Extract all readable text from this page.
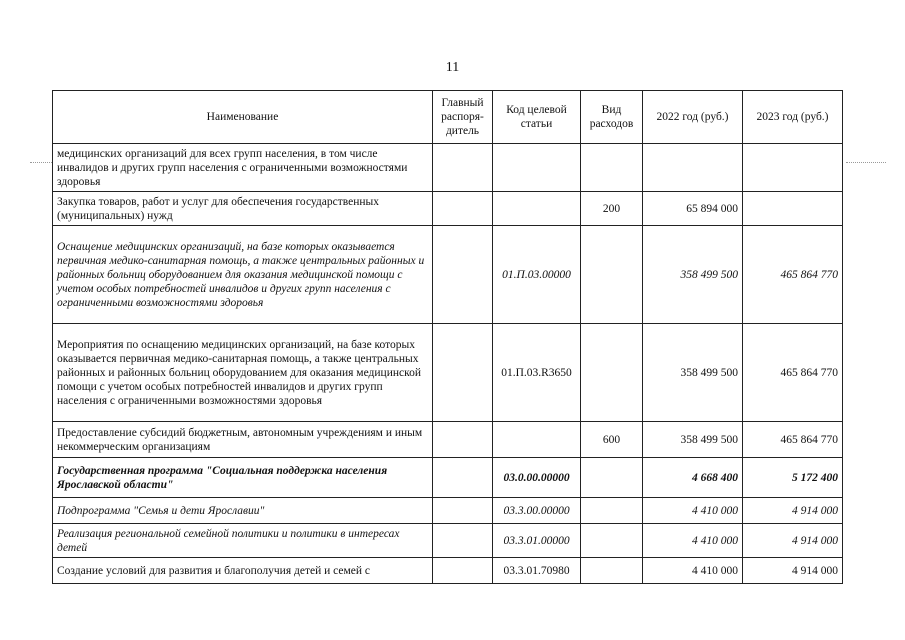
11
Наименование	Главный распоря-дитель	Код целевой статьи	Вид расходов	2022 год (руб.)	2023 год (руб.)
медицинских организаций для всех групп населения, в том числе инвалидов и других групп населения с ограниченными возможностями здоровья					
Закупка товаров, работ и услуг для обеспечения государственных (муниципальных) нужд			200	65 894 000	
Оснащение медицинских организаций, на базе которых оказывается первичная медико-санитарная помощь, а также центральных районных и районных больниц оборудованием для оказания медицинской помощи с учетом особых потребностей инвалидов и других групп населения с ограниченными возможностями здоровья		01.П.03.00000		358 499 500	465 864 770
Мероприятия по оснащению медицинских организаций, на базе которых оказывается первичная медико-санитарная помощь, а также центральных районных и районных больниц оборудованием для оказания медицинской помощи с учетом особых потребностей инвалидов и других групп населения с ограниченными возможностями здоровья		01.П.03.R3650		358 499 500	465 864 770
Предоставление субсидий бюджетным, автономным учреждениям и иным некоммерческим организациям			600	358 499 500	465 864 770
Государственная программа "Социальная поддержка населения Ярославской области"		03.0.00.00000		4 668 400	5 172 400
Подпрограмма "Семья и дети Ярославии"		03.3.00.00000		4 410 000	4 914 000
Реализация региональной семейной политики и политики в интересах детей		03.3.01.00000		4 410 000	4 914 000
Создание условий для развития и благополучия детей и семей с		03.3.01.70980		4 410 000	4 914 000
